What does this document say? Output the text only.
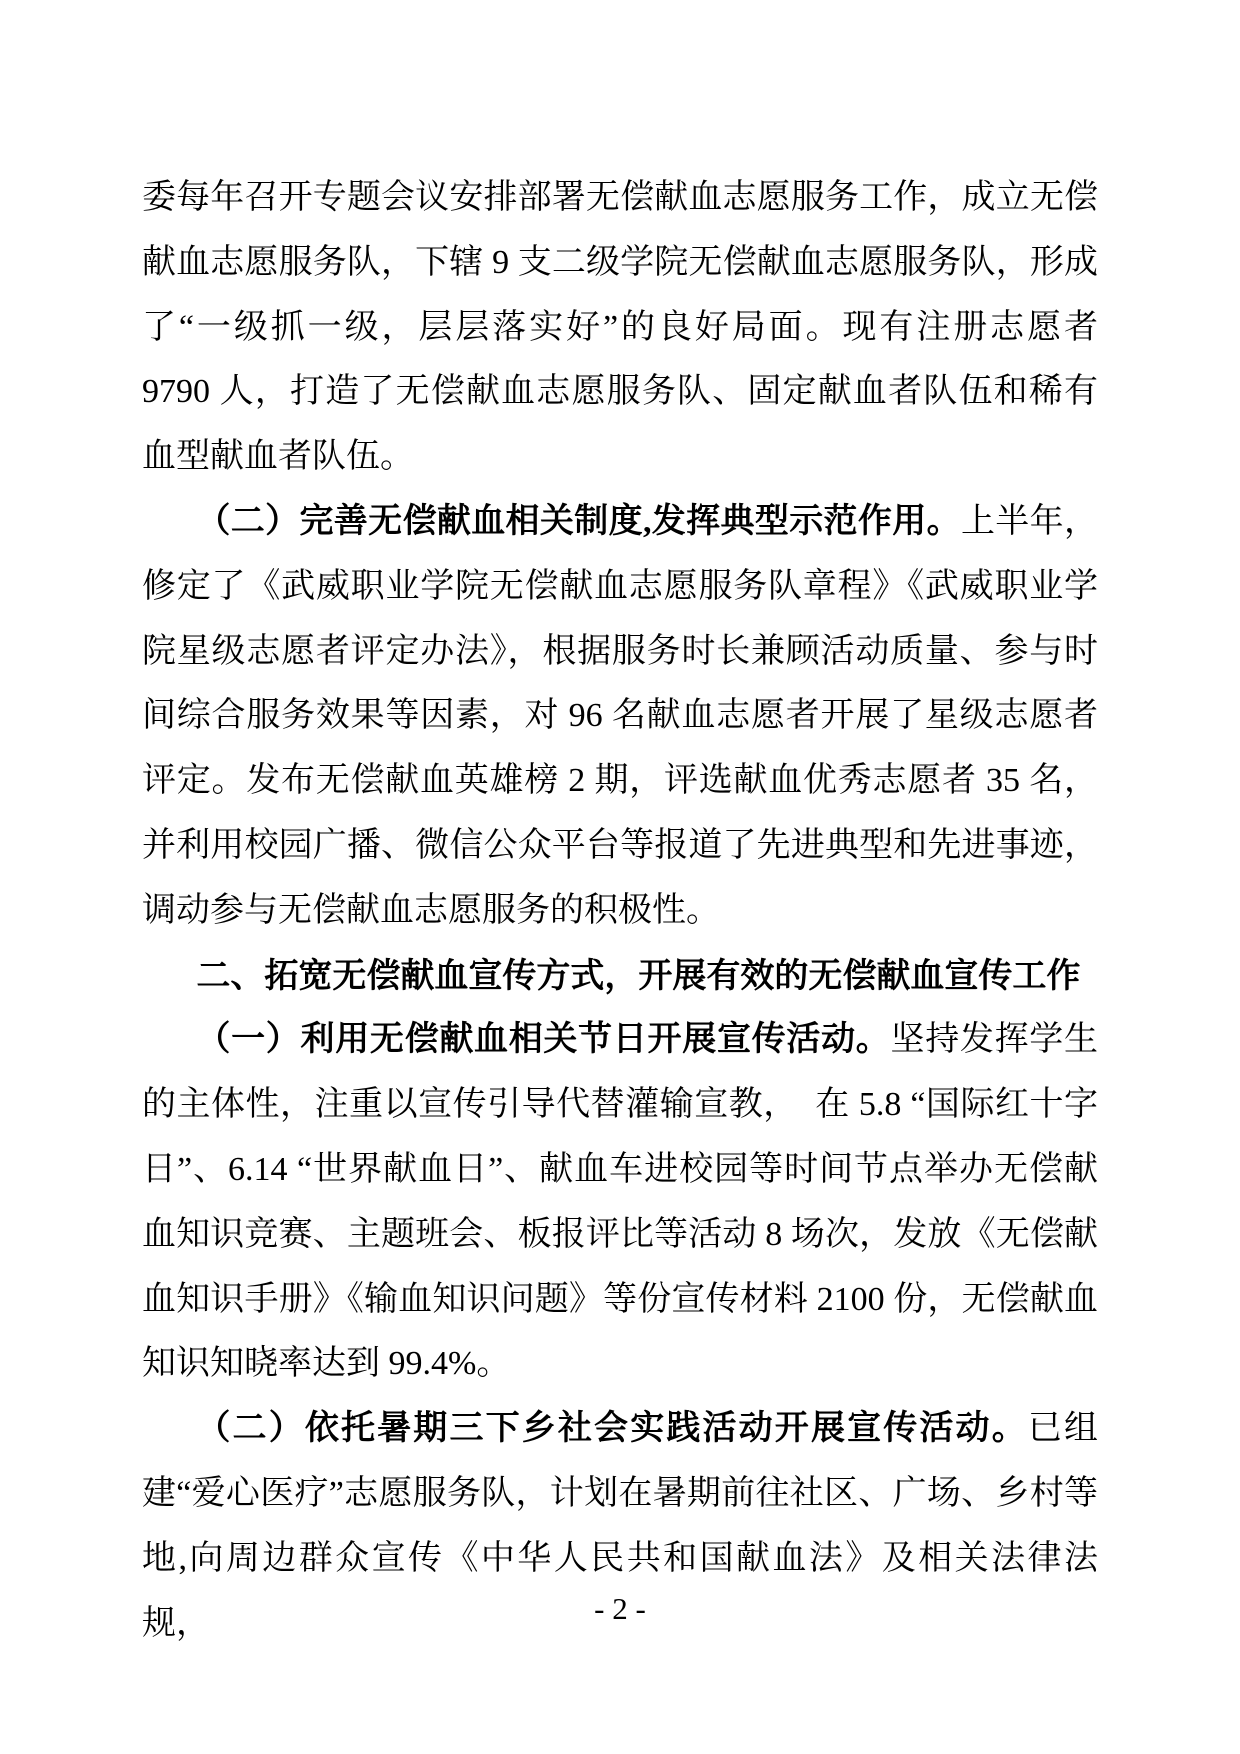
委每年召开专题会议安排部署无偿献血志愿服务工作，成立无偿献血志愿服务队，下辖 9 支二级学院无偿献血志愿服务队，形成了“一级抓一级，层层落实好”的良好局面。现有注册志愿者 9790 人，打造了无偿献血志愿服务队、固定献血者队伍和稀有血型献血者队伍。

（二）完善无偿献血相关制度,发挥典型示范作用。上半年，修定了《武威职业学院无偿献血志愿服务队章程》《武威职业学院星级志愿者评定办法》，根据服务时长兼顾活动质量、参与时间综合服务效果等因素，对 96 名献血志愿者开展了星级志愿者评定。发布无偿献血英雄榜 2 期，评选献血优秀志愿者 35 名，并利用校园广播、微信公众平台等报道了先进典型和先进事迹，调动参与无偿献血志愿服务的积极性。

二、拓宽无偿献血宣传方式，开展有效的无偿献血宣传工作

（一）利用无偿献血相关节日开展宣传活动。坚持发挥学生的主体性，注重以宣传引导代替灌输宣教，　在 5.8 “国际红十字日”、6.14 “世界献血日”、献血车进校园等时间节点举办无偿献血知识竞赛、主题班会、板报评比等活动 8 场次，发放《无偿献血知识手册》《输血知识问题》等份宣传材料 2100 份，无偿献血知识知晓率达到 99.4%。

（二）依托暑期三下乡社会实践活动开展宣传活动。已组建“爱心医疗”志愿服务队，计划在暑期前往社区、广场、乡村等地,向周边群众宣传《中华人民共和国献血法》及相关法律法规，	- 2 -
